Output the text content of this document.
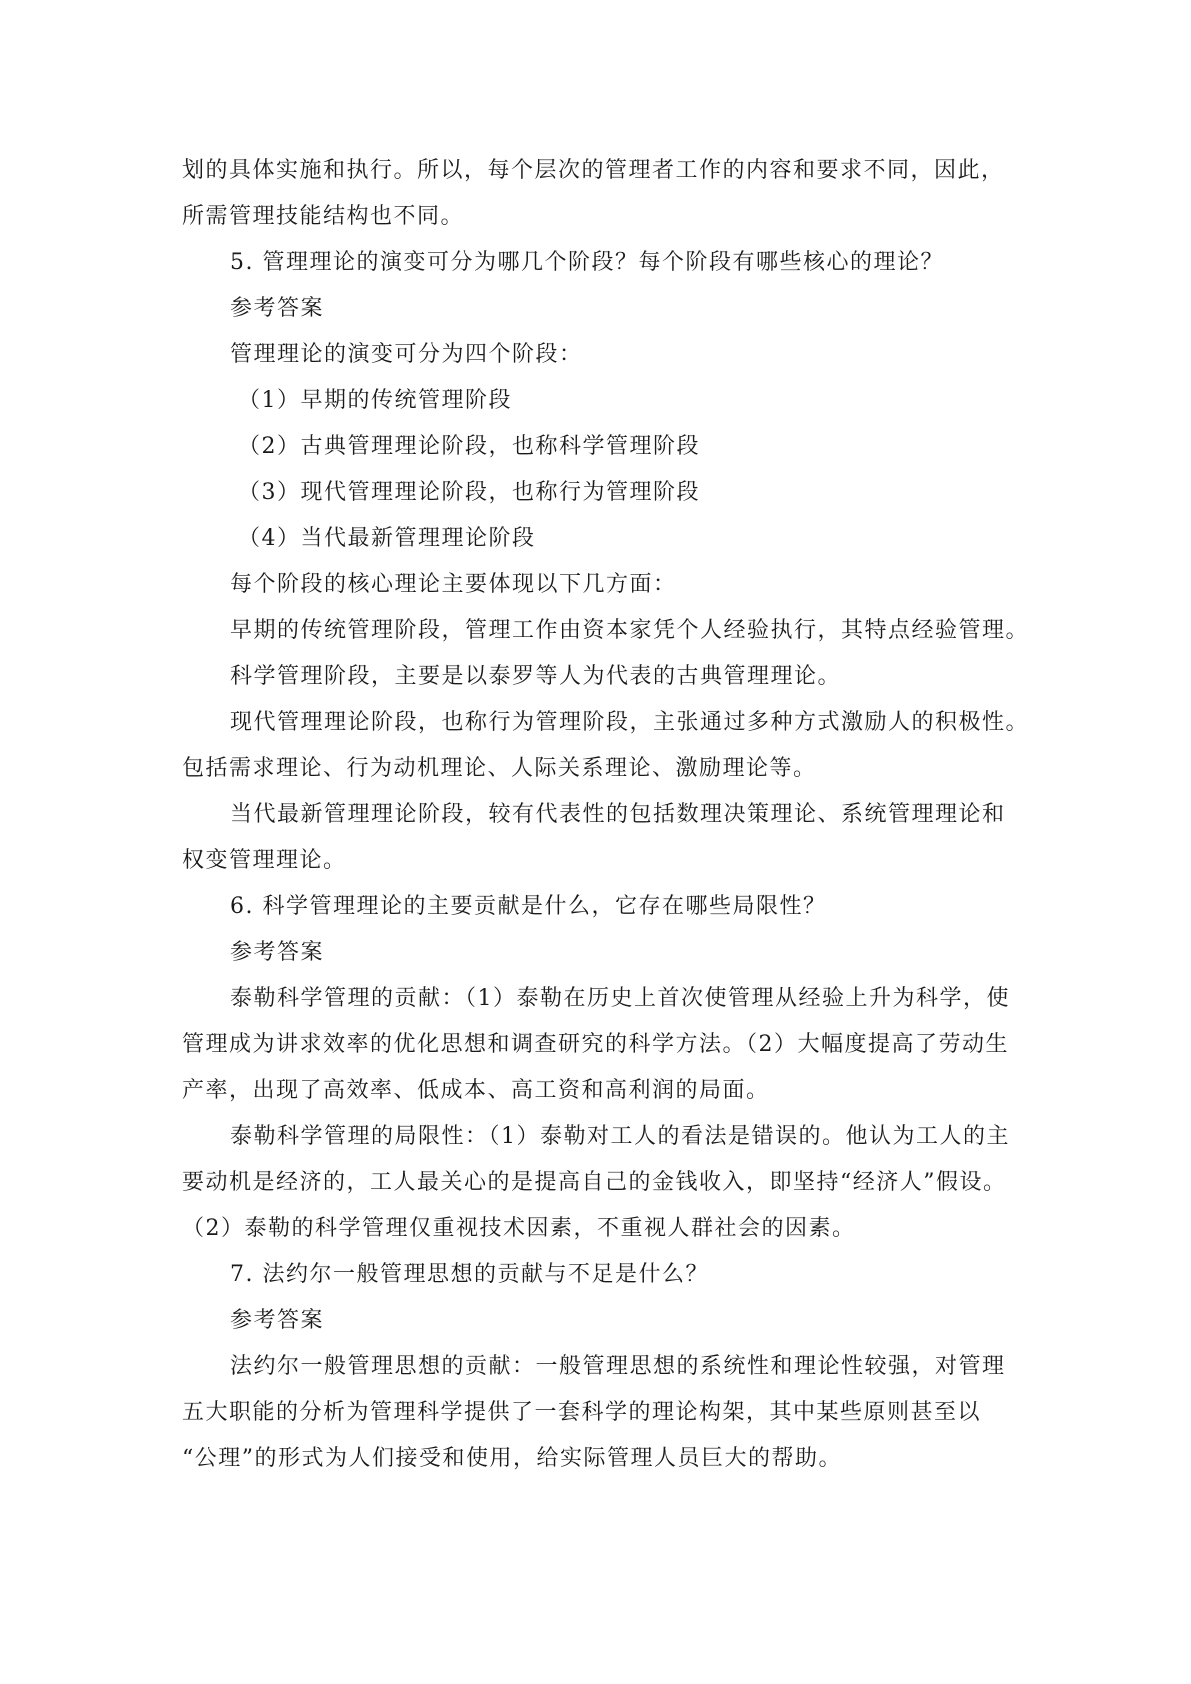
划的具体实施和执行。所以，每个层次的管理者工作的内容和要求不同，因此，

所需管理技能结构也不同。

5. 管理理论的演变可分为哪几个阶段？每个阶段有哪些核心的理论？

参考答案

管理理论的演变可分为四个阶段：

（1）早期的传统管理阶段

（2）古典管理理论阶段，也称科学管理阶段

（3）现代管理理论阶段，也称行为管理阶段

（4）当代最新管理理论阶段

每个阶段的核心理论主要体现以下几方面：

早期的传统管理阶段，管理工作由资本家凭个人经验执行，其特点经验管理。

科学管理阶段，主要是以泰罗等人为代表的古典管理理论。

现代管理理论阶段，也称行为管理阶段，主张通过多种方式激励人的积极性。

包括需求理论、行为动机理论、人际关系理论、激励理论等。

当代最新管理理论阶段，较有代表性的包括数理决策理论、系统管理理论和

权变管理理论。

6. 科学管理理论的主要贡献是什么，它存在哪些局限性？

参考答案

泰勒科学管理的贡献：（1）泰勒在历史上首次使管理从经验上升为科学，使

管理成为讲求效率的优化思想和调查研究的科学方法。（2）大幅度提高了劳动生

产率，出现了高效率、低成本、高工资和高利润的局面。

泰勒科学管理的局限性：（1）泰勒对工人的看法是错误的。他认为工人的主

要动机是经济的，工人最关心的是提高自己的金钱收入，即坚持“经济人”假设。

（2）泰勒的科学管理仅重视技术因素，不重视人群社会的因素。

7. 法约尔一般管理思想的贡献与不足是什么？

参考答案

法约尔一般管理思想的贡献：一般管理思想的系统性和理论性较强，对管理

五大职能的分析为管理科学提供了一套科学的理论构架，其中某些原则甚至以

“公理”的形式为人们接受和使用，给实际管理人员巨大的帮助。
